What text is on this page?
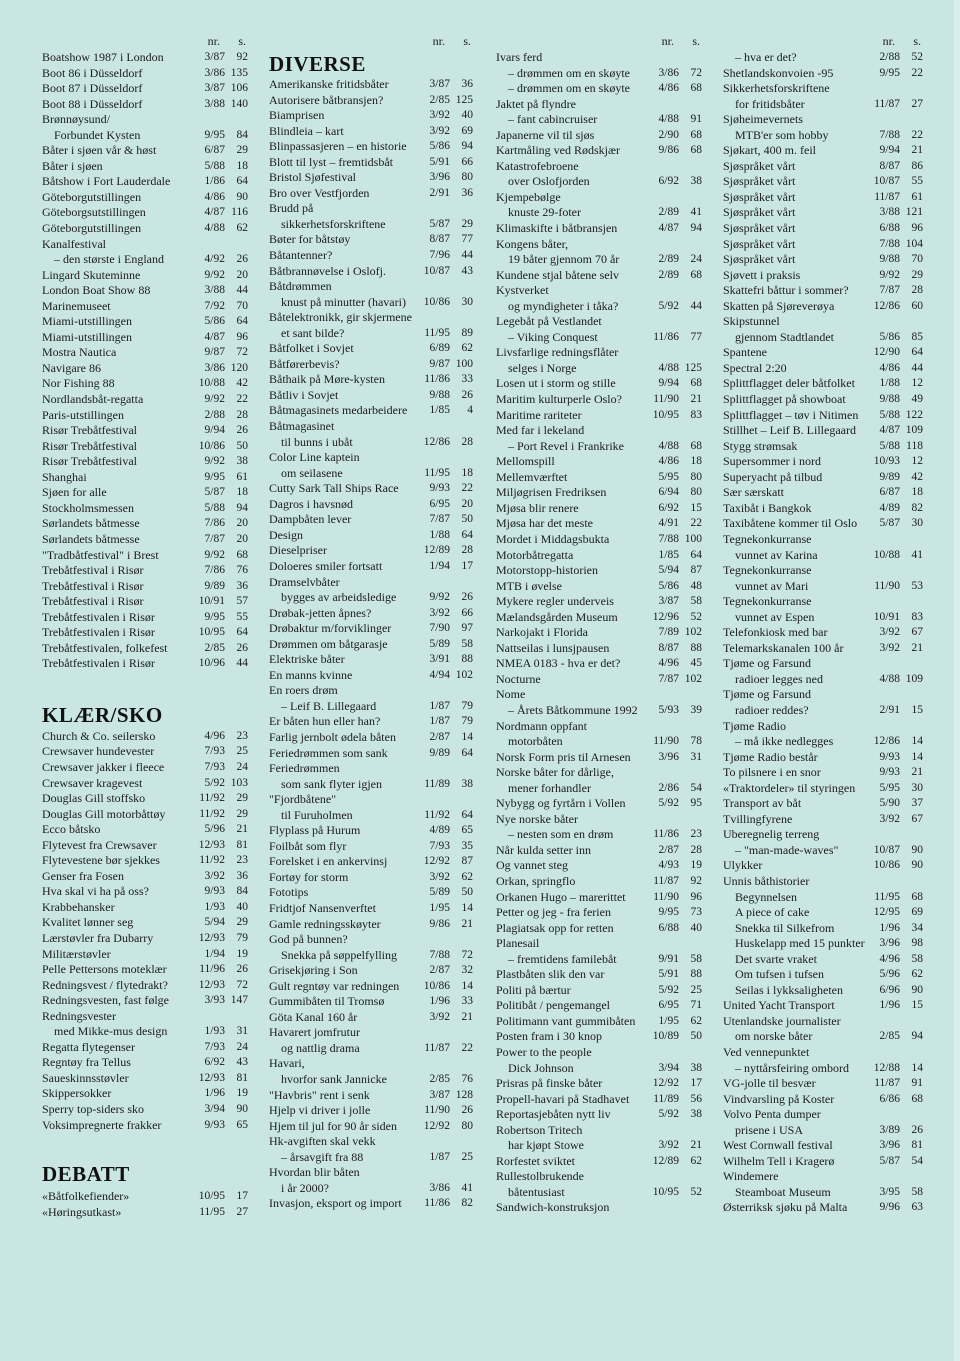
nr. s.
Boatshow 1987 i London	3/87	92
Boot 86 i Düsseldorf	3/86 135
Boot 87 i Düsseldorf	3/87 106
Boot 88 i Düsseldorf	3/88 140
Brønnøysund/
Forbundet Kysten	9/95	84
Båter i sjøen vår & høst	6/87	29
Båter i sjøen	5/88	18
Båtshow i Fort Lauderdale	1/86	64
Göteborgutstillingen	4/86	90
Göteborgsutstillingen	4/87 116
Göteborgutstillingen	4/88	62
Kanalfestival
– den største i England	4/92	26
Lingard Skuteminne	9/92	20
London Boat Show 88	3/88	44
Marinemuseet	7/92	70
Miami-utstillingen	5/86	64
Miami-utstillingen	4/87	96
Mostra Nautica	9/87	72
Navigare 86	3/86 120
Nor Fishing 88	10/88	42
Nordlandsbåt-regatta	9/92	22
Paris-utstillingen	2/88	28
Risør Trebåtfestival	9/94	26
Risør Trebåtfestival	10/86	50
Risør Trebåtfestival	9/92	38
Shanghai	9/95	61
Sjøen for alle	5/87	18
Stockholmsmessen	5/88	94
Sørlandets båtmesse	7/86	20
Sørlandets båtmesse	7/87	20
"Tradbåtfestival" i Brest	9/92	68
Trebåtfestival i Risør	7/86	76
Trebåtfestival i Risør	9/89	36
Trebåtfestival i Risør	10/91	57
Trebåtfestivalen i Risør	9/95	55
Trebåtfestivalen i Risør	10/95	64
Trebåtfestivalen, folkefest	2/85	26
Trebåtfestivalen i Risør	10/96	44
KLÆR/SKO
Church & Co. seilersko	4/96	23
Crewsaver hundevester	7/93	25
Crewsaver jakker i fleece	7/93	24
Crewsaver kragevest	5/92 103
Douglas Gill stoffsko	11/92	29
Douglas Gill motorbåttøy	11/92	29
Ecco båtsko	5/96	21
Flytevest fra Crewsaver	12/93	81
Flytevestene bør sjekkes	11/92	23
Genser fra Fosen	3/92	36
Hva skal vi ha på oss?	9/93	84
Krabbehansker	1/93	40
Kvalitet lønner seg	5/94	29
Lærstøvler fra Dubarry	12/93	79
Militærstøvler	1/94	19
Pelle Pettersons moteklær	11/96	26
Redningsvest / flytedrakt?	12/93	72
Redningsvesten, fast følge	3/93 147
Redningsvester
med Mikke-mus design	1/93	31
Regatta flytegenser	7/93	24
Regntøy fra Tellus	6/92	43
Saueskinnsstøvler	12/93	81
Skippersokker	1/96	19
Sperry top-siders sko	3/94	90
Voksimpregnerte frakker	9/93	65
DEBATT
«Båtfolkefiender»	10/95	17
«Høringsutkast»	11/95	27
nr. s.
DIVERSE
Amerikanske fritidsbåter	3/87	36
Autorisere båtbransjen?	2/85 125
Biamprisen	3/92	40
Blindleia – kart	3/92	69
Blinpassasjeren – en historie 5/86	94
Blott til lyst – fremtidsbåt	5/91	66
Bristol Sjøfestival	3/96	80
Bro over Vestfjorden	2/91	36
Brudd på
sikkerhetsforskriftene	5/87	29
Bøter for båtstøy	8/87	77
Båtantenner?	7/96	44
Båtbrannøvelse i Oslofj.	10/87	43
Båtdrømmen
knust på minutter (havari) 10/86	30
Båtelektronikk, gir skjermene
et sant bilde?	11/95	89
Båtfolket i Sovjet	6/89	62
Båtførerbevis?	9/87 100
Båthaik på Møre-kysten	11/86	33
Båtliv i Sovjet	9/88	26
Båtmagasinets medarbeidere 1/85	4
Båtmagasinet
til bunns i ubåt	12/86	28
Color Line kaptein
om seilasene	11/95	18
Cutty Sark Tall Ships Race	9/93	22
Dagros i havsnød	6/95	20
Dampbåten lever	7/87	50
Design	1/88	64
Dieselpriser	12/89	28
Doloeres smiler fortsatt	1/94	17
Dramselvbåter
bygges av arbeidsledige	9/92	26
Drøbak-jetten åpnes?	3/92	66
Drøbaktur m/forviklinger	7/90	97
Drømmen om båtgarasje	5/89	58
Elektriske båter	3/91	88
En manns kvinne	4/94 102
En roers drøm
– Leif B. Lillegaard	1/87	79
Er båten hun eller han?	1/87	79
Farlig jernbolt ødela båten	2/87	14
Feriedrømmen som sank	9/89	64
Feriedrømmen
som sank flyter igjen	11/89	38
"Fjordbåtene"
til Furuholmen	11/92	64
Flyplass på Hurum	4/89	65
Foilbåt som flyr	7/93	35
Forelsket i en ankervinsj	12/92	87
Fortøy for storm	3/92	62
Fototips	5/89	50
Fridtjof Nansenverftet	1/95	14
Gamle redningsskøyter	9/86	21
God på bunnen?
Snekka på søppelfylling	7/88	72
Grisekjøring i Son	2/87	32
Gult regntøy var redningen 10/86	14
Gummibåten til Tromsø	1/96	33
Göta Kanal 160 år	3/92	21
Havarert jomfrutur
og nattlig drama	11/87	22
Havari,
hvorfor sank Jannicke	2/85	76
"Havbris" rent i senk	3/87 128
Hjelp vi driver i jolle	11/90	26
Hjem til jul for 90 år siden 12/92	80
Hk-avgiften skal vekk
– årsavgift fra 88	1/87	25
Hvordan blir båten
i år 2000?	3/86	41
Invasjon, eksport og import 11/86	82
nr. s.
Ivars ferd
– drømmen om en skøyte 3/86	72
– drømmen om en skøyte 4/86	68
Jaktet på flyndre
– fant cabincruiser	4/88	91
Japanerne vil til sjøs	2/90	68
Kartmåling ved Rødskjær	9/86	68
Katastrofebroene
over Oslofjorden	6/92	38
Kjempebølge
knuste 29-foter	2/89	41
Klimaskifte i båtbransjen	4/87	94
Kongens båter,
19 båter gjennom 70 år	2/89	24
Kundene stjal båtene selv	2/89	68
Kystverket
og myndigheter i tåka?	5/92	44
Legebåt på Vestlandet
– Viking Conquest	11/86	77
Livsfarlige redningsflåter
selges i Norge	4/88 125
Losen ut i storm og stille	9/94	68
Maritim kulturperle Oslo?	11/90	21
Maritime rariteter	10/95	83
Med far i lekeland
– Port Revel i Frankrike	4/88	68
Mellomspill	4/86	18
Mellemværftet	5/95	80
Miljøgrisen Fredriksen	6/94	80
Mjøsa blir renere	6/92	15
Mjøsa har det meste	4/91	22
Mordet i Middagsbukta	7/88 100
Motorbåtregatta	1/85	64
Motorstopp-historien	5/94	87
MTB i øvelse	5/86	48
Mykere regler underveis	3/87	58
Mælandsgården Museum	12/96	52
Narkojakt i Florida	7/89 102
Nattseilas i lunsjpausen	8/87	88
NMEA 0183 - hva er det?	4/96	45
Nocturne	7/87 102
Nome
– Årets Båtkommune 1992 5/93	39
Nordmann oppfant
motorbåten	11/90	78
Norsk Form pris til Arnesen 3/96	31
Norske båter for dårlige,
mener forhandler	2/86	54
Nybygg og fyrtårn i Vollen	5/92	95
Nye norske båter
– nesten som en drøm	11/86	23
Når kulda setter inn	2/87	28
Og vannet steg	4/93	19
Orkan, springflo	11/87	92
Orkanen Hugo – marerittet 11/90	96
Petter og jeg - fra ferien	9/95	73
Plagiatsak opp for retten	6/88	40
Planesail
– fremtidens familebåt	9/91	58
Plastbåten slik den var	5/91	88
Politi på bærtur	5/92	25
Politibåt / pengemangel	6/95	71
Politimann vant gummibåten 1/95	62
Posten fram i 30 knop	10/89	50
Power to the people
Dick Johnson	3/94	38
Prisras på finske båter	12/92	17
Propell-havari på Stadhavet 11/89	56
Reportasjebåten nytt liv	5/92	38
Robertson Tritech
har kjøpt Stowe	3/92	21
Rorfestet sviktet	12/89	62
Rullestolbrukende
båtentusiast	10/95	52
Sandwich-konstruksjon
nr. s.
– hva er det?	2/88	52
Shetlandskonvoien -95	9/95	22
Sikkerhetsforskriftene
for fritidsbåter	11/87	27
Sjøheimevernets
MTB'er som hobby	7/88	22
Sjøkart, 400 m. feil	9/94	21
Sjøspråket vårt	8/87	86
Sjøspråket vårt	10/87	55
Sjøspråket vårt	11/87	61
Sjøspråket vårt	3/88 121
Sjøspråket vårt	6/88	96
Sjøspråket vårt	7/88 104
Sjøspråket vårt	9/88	70
Sjøvett i praksis	9/92	29
Skattefri båttur i sommer?	7/87	28
Skatten på Sjøreverøya	12/86	60
Skipstunnel
gjennom Stadtlandet	5/86	85
Spantene	12/90	64
Spectral 2:20	4/86	44
Splittflagget deler båtfolket 1/88	12
Splittflagget på showboat	9/88	49
Splittflagget – tøv i Nitimen 5/88 122
Stillhet – Leif B. Lillegaard 4/87 109
Stygg strømsak	5/88 118
Supersommer i nord	10/93	12
Superyacht på tilbud	9/89	42
Sær særskatt	6/87	18
Taxibåt i Bangkok	4/89	82
Taxibåtene kommer til Oslo 5/87	30
Tegnekonkurranse
vunnet av Karina	10/88	41
Tegnekonkurranse
vunnet av Mari	11/90	53
Tegnekonkurranse
vunnet av Espen	10/91	83
Telefonkiosk med bar	3/92	67
Telemarkskanalen 100 år	3/92	21
Tjøme og Farsund
radioer legges ned	4/88 109
Tjøme og Farsund
radioer reddes?	2/91	15
Tjøme Radio
– må ikke nedlegges	12/86	14
Tjøme Radio består	9/93	14
To pilsnere i en snor	9/93	21
«Traktordeler» til styringen 5/95	30
Transport av båt	5/90	37
Tvillingfyrene	3/92	67
Uberegnelig terreng
– "man-made-waves"	10/87	90
Ulykker	10/86	90
Unnis båthistorier
Begynnelsen	11/95	68
A piece of cake	12/95	69
Snekka til Silkefrom	1/96	34
Huskelapp med 15 punkter 3/96	98
Det svarte vraket	4/96	58
Om tufsen i tufsen	5/96	62
Seilas i lykksaligheten	6/96	90
United Yacht Transport	1/96	15
Utenlandske journalister
om norske båter	2/85	94
Ved vennepunktet
– nyttårsfeiring ombord 12/88	14
VG-jolle til besvær	11/87	91
Vindvarsling på Koster	6/86	68
Volvo Penta dumper
prisene i USA	3/89	26
West Cornwall festival	3/96	81
Wilhelm Tell i Kragerø	5/87	54
Windemere
Steamboat Museum	3/95	58
Østerriksk sjøku på Malta	9/96	63
